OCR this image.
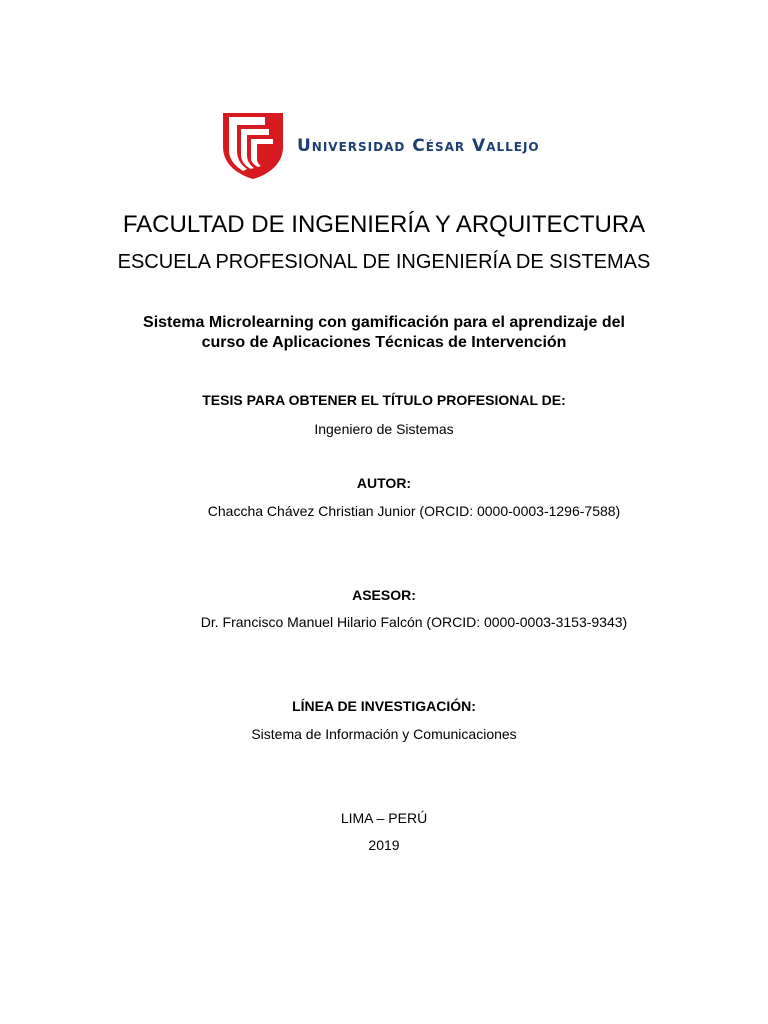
Universidad César Vallejo
FACULTAD DE INGENIERÍA Y ARQUITECTURA
ESCUELA PROFESIONAL DE INGENIERÍA DE SISTEMAS
Sistema Microlearning con gamificación para el aprendizaje del
curso de Aplicaciones Técnicas de Intervención
TESIS PARA OBTENER EL TÍTULO PROFESIONAL DE:
Ingeniero de Sistemas
AUTOR:
Chaccha Chávez Christian Junior (ORCID: 0000-0003-1296-7588)
ASESOR:
Dr. Francisco Manuel Hilario Falcón (ORCID: 0000-0003-3153-9343)
LÍNEA DE INVESTIGACIÓN:
Sistema de Información y Comunicaciones
LIMA – PERÚ
2019
